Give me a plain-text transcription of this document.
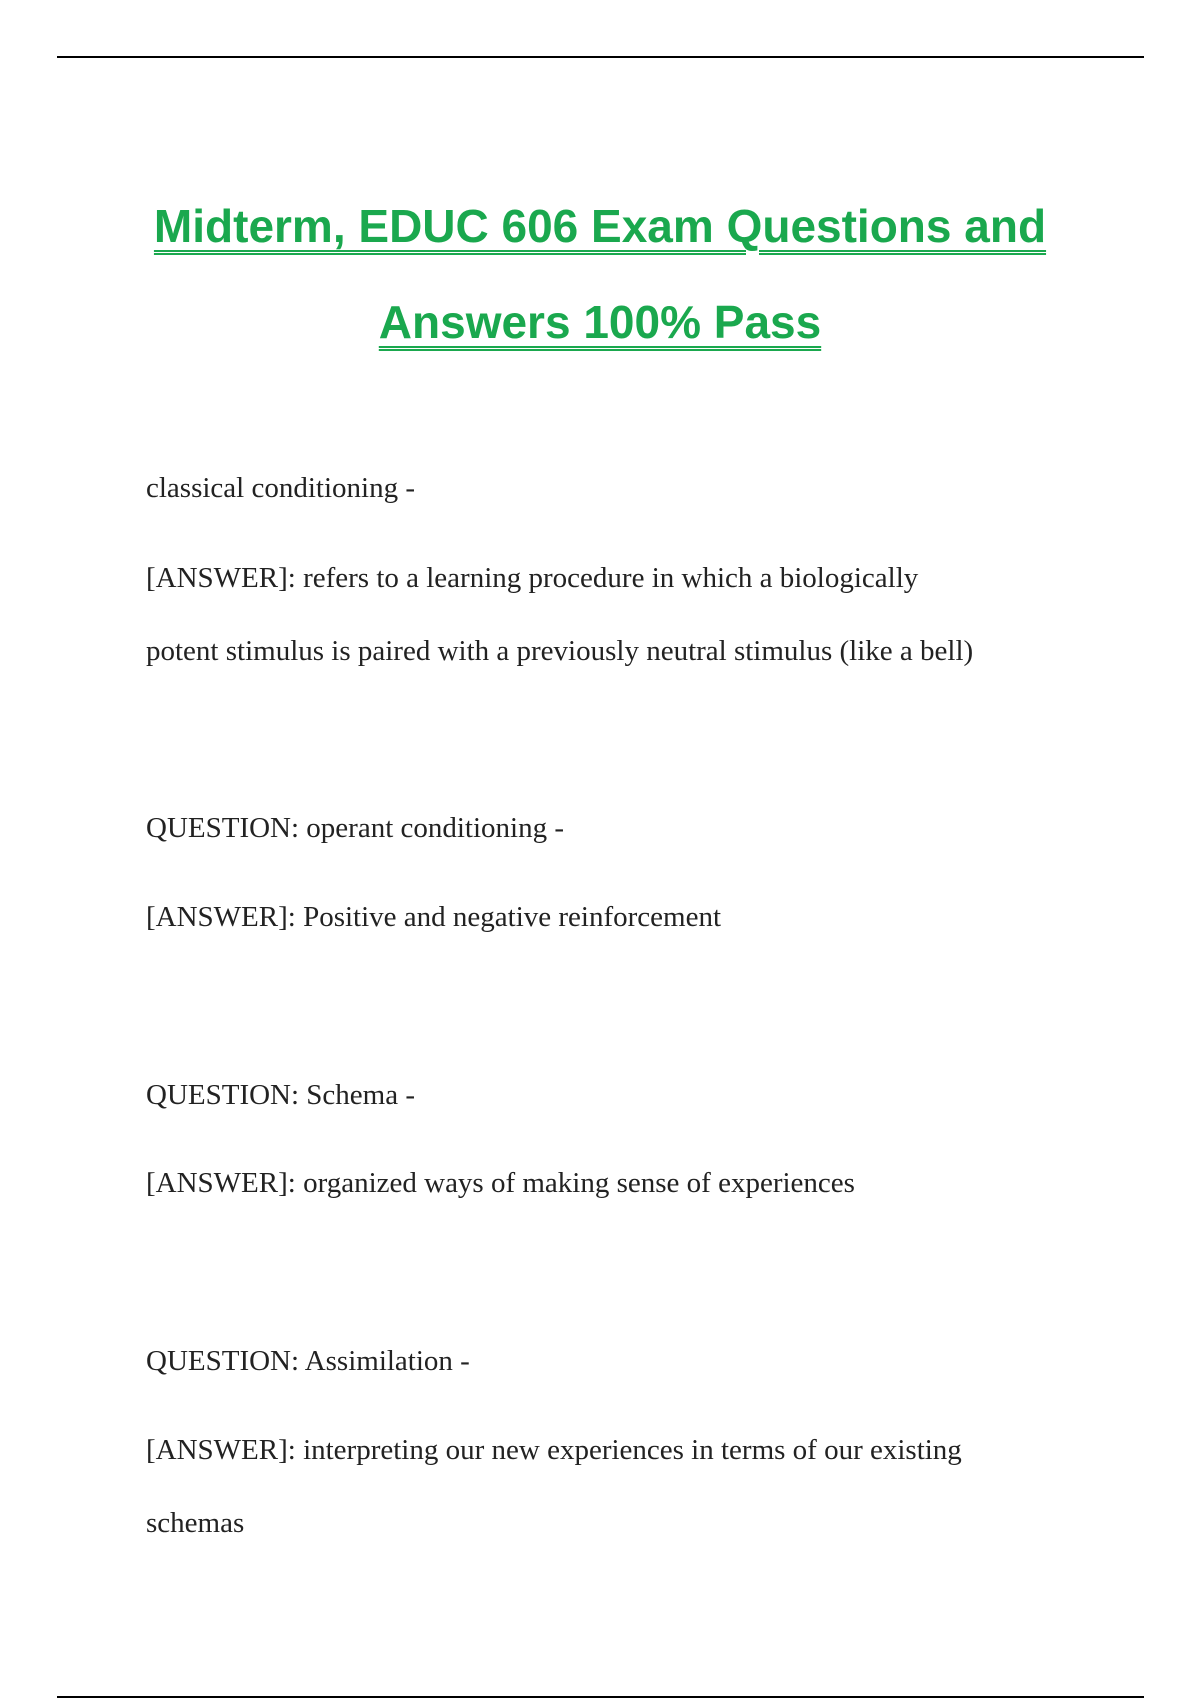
Midterm, EDUC 606 Exam Questions and
Answers 100% Pass
classical conditioning -
[ANSWER]: refers to a learning procedure in which a biologically
potent stimulus is paired with a previously neutral stimulus (like a bell)
QUESTION: operant conditioning -
[ANSWER]: Positive and negative reinforcement
QUESTION: Schema -
[ANSWER]: organized ways of making sense of experiences
QUESTION: Assimilation -
[ANSWER]: interpreting our new experiences in terms of our existing
schemas
